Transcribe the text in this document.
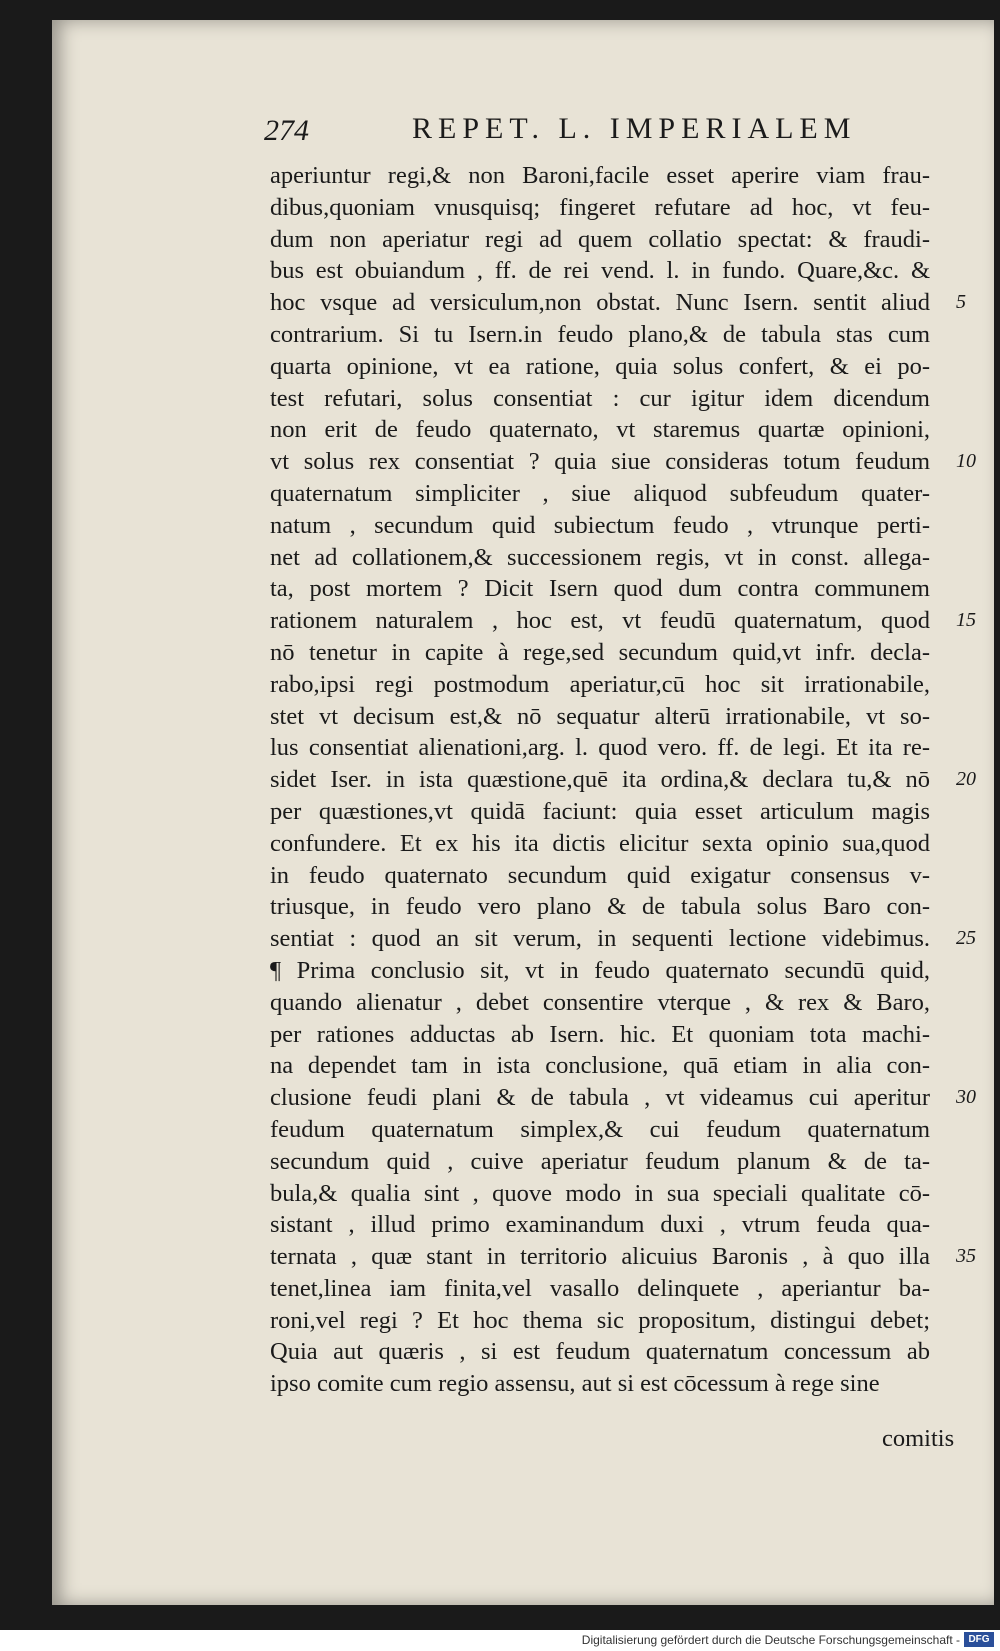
274	REPET. L. IMPERIALEM
aperiuntur regi,& non Baroni,facile esset aperire viam frau-
dibus,quoniam vnusquisq; fingeret refutare ad hoc, vt feu-
dum non aperiatur regi ad quem collatio spectat: & fraudi-
bus est obuiandum , ff. de rei vend. l. in fundo. Quare,&c. &
hoc vsque ad versiculum,non obstat. Nunc Isern. sentit aliud
contrarium. Si tu Isern.in feudo plano,& de tabula stas cum
quarta opinione, vt ea ratione, quia solus confert, & ei po-
test refutari, solus consentiat : cur igitur idem dicendum
non erit de feudo quaternato, vt staremus quartæ opinioni,
vt solus rex consentiat ? quia siue consideras totum feudum
quaternatum simpliciter , siue aliquod subfeudum quater-
natum , secundum quid subiectum feudo , vtrunque perti-
net ad collationem,& successionem regis, vt in const. allega-
ta, post mortem ? Dicit Isern quod dum contra communem
rationem naturalem , hoc est, vt feudū quaternatum, quod
nō tenetur in capite à rege,sed secundum quid,vt infr. decla-
rabo,ipsi regi postmodum aperiatur,cū hoc sit irrationabile,
stet vt decisum est,& nō sequatur alterū irrationabile, vt so-
lus consentiat alienationi,arg. l. quod vero. ff. de legi. Et ita re-
sidet Iser. in ista quæstione,quē ita ordina,& declara tu,& nō
per quæstiones,vt quidā faciunt: quia esset articulum magis
confundere. Et ex his ita dictis elicitur sexta opinio sua,quod
in feudo quaternato secundum quid exigatur consensus v-
triusque, in feudo vero plano & de tabula solus Baro con-
sentiat : quod an sit verum, in sequenti lectione videbimus.
¶ Prima conclusio sit, vt in feudo quaternato secundū quid,
quando alienatur , debet consentire vterque , & rex & Baro,
per rationes adductas ab Isern. hic. Et quoniam tota machi-
na dependet tam in ista conclusione, quā etiam in alia con-
clusione feudi plani & de tabula , vt videamus cui aperitur
feudum quaternatum simplex,& cui feudum quaternatum
secundum quid , cuive aperiatur feudum planum & de ta-
bula,& qualia sint , quove modo in sua speciali qualitate cō-
sistant , illud primo examinandum duxi , vtrum feuda qua-
ternata , quæ stant in territorio alicuius Baronis , à quo illa
tenet,linea iam finita,vel vasallo delinquete , aperiantur ba-
roni,vel regi ? Et hoc thema sic propositum, distingui debet;
Quia aut quæris , si est feudum quaternatum concessum ab
ipso comite cum regio assensu, aut si est cōcessum à rege sine
comitis
5
10
15
20
25
30
35
Digitalisierung gefördert durch die Deutsche Forschungsgemeinschaft - DFG
